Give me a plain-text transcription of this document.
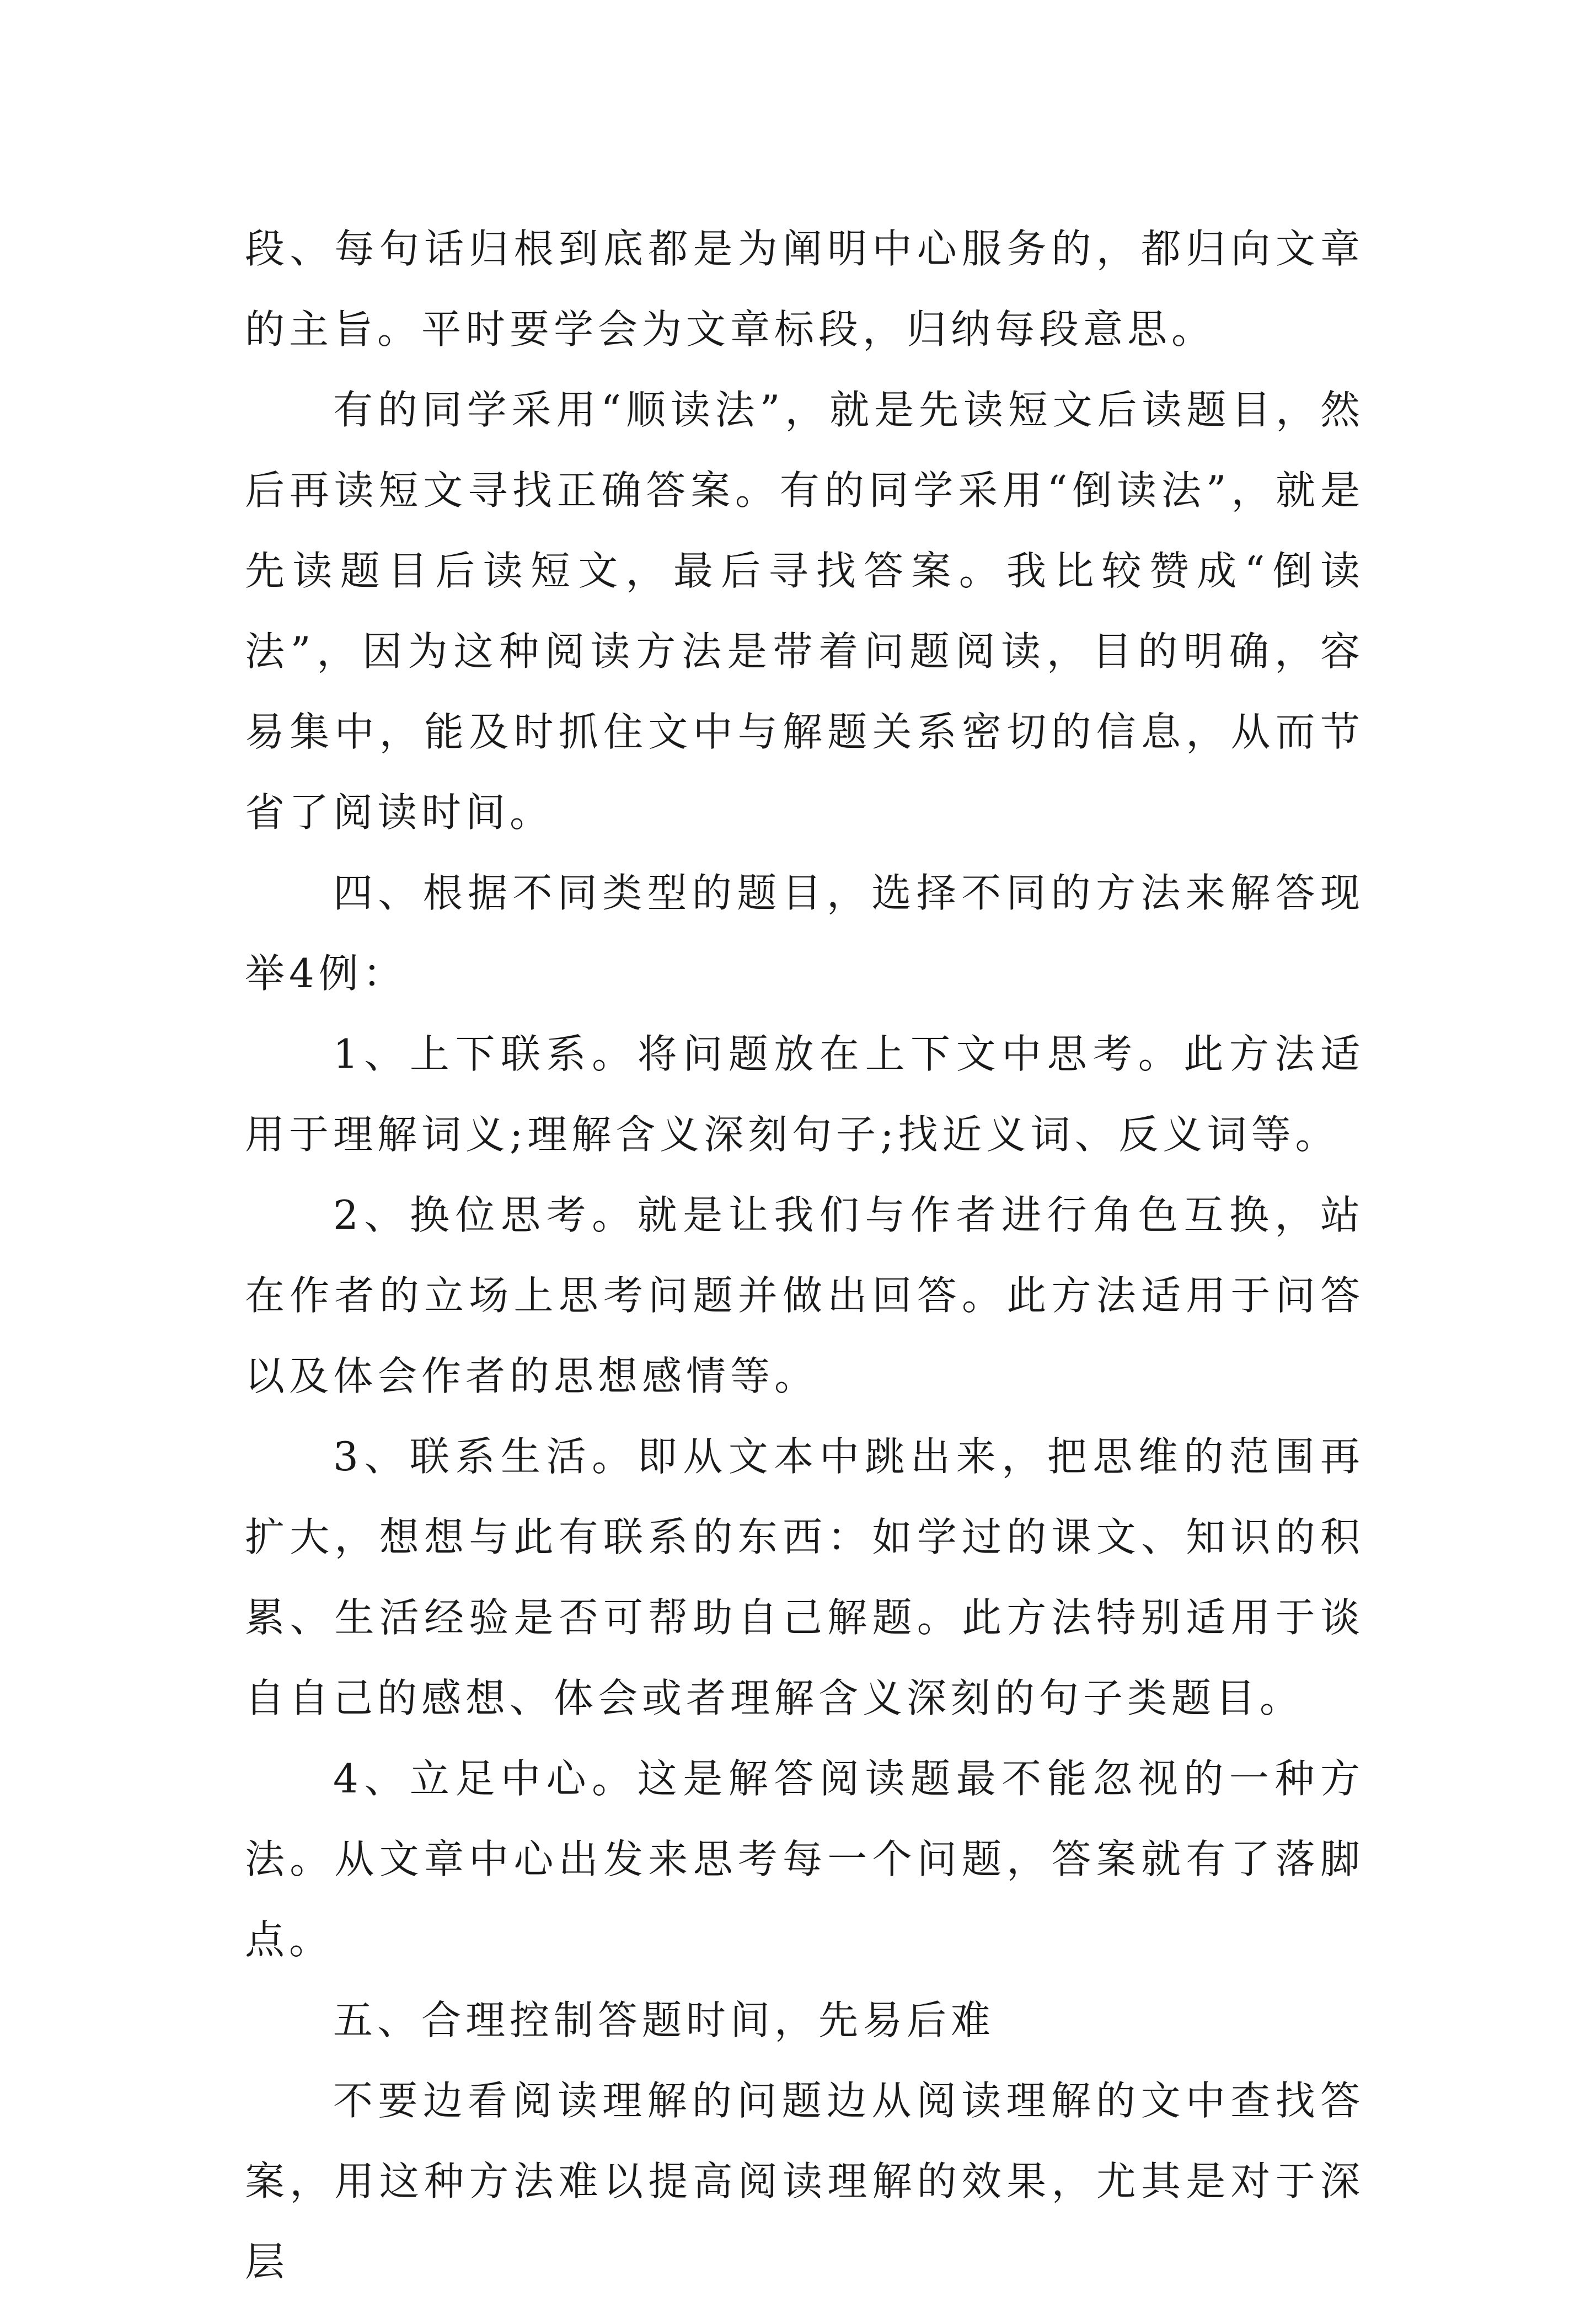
段、每句话归根到底都是为阐明中心服务的，都归向文章的主旨。平时要学会为文章标段，归纳每段意思。

有的同学采用“顺读法”，就是先读短文后读题目，然后再读短文寻找正确答案。有的同学采用“倒读法”，就是先读题目后读短文，最后寻找答案。我比较赞成“倒读法”，因为这种阅读方法是带着问题阅读，目的明确，容易集中，能及时抓住文中与解题关系密切的信息，从而节省了阅读时间。

四、根据不同类型的题目，选择不同的方法来解答现举4例：

1、上下联系。将问题放在上下文中思考。此方法适用于理解词义;理解含义深刻句子;找近义词、反义词等。

2、换位思考。就是让我们与作者进行角色互换，站在作者的立场上思考问题并做出回答。此方法适用于问答以及体会作者的思想感情等。

3、联系生活。即从文本中跳出来，把思维的范围再扩大，想想与此有联系的东西：如学过的课文、知识的积累、生活经验是否可帮助自己解题。此方法特别适用于谈自自己的感想、体会或者理解含义深刻的句子类题目。

4、立足中心。这是解答阅读题最不能忽视的一种方法。从文章中心出发来思考每一个问题，答案就有了落脚点。

五、合理控制答题时间，先易后难

不要边看阅读理解的问题边从阅读理解的文中查找答案，用这种方法难以提高阅读理解的效果，尤其是对于深层
